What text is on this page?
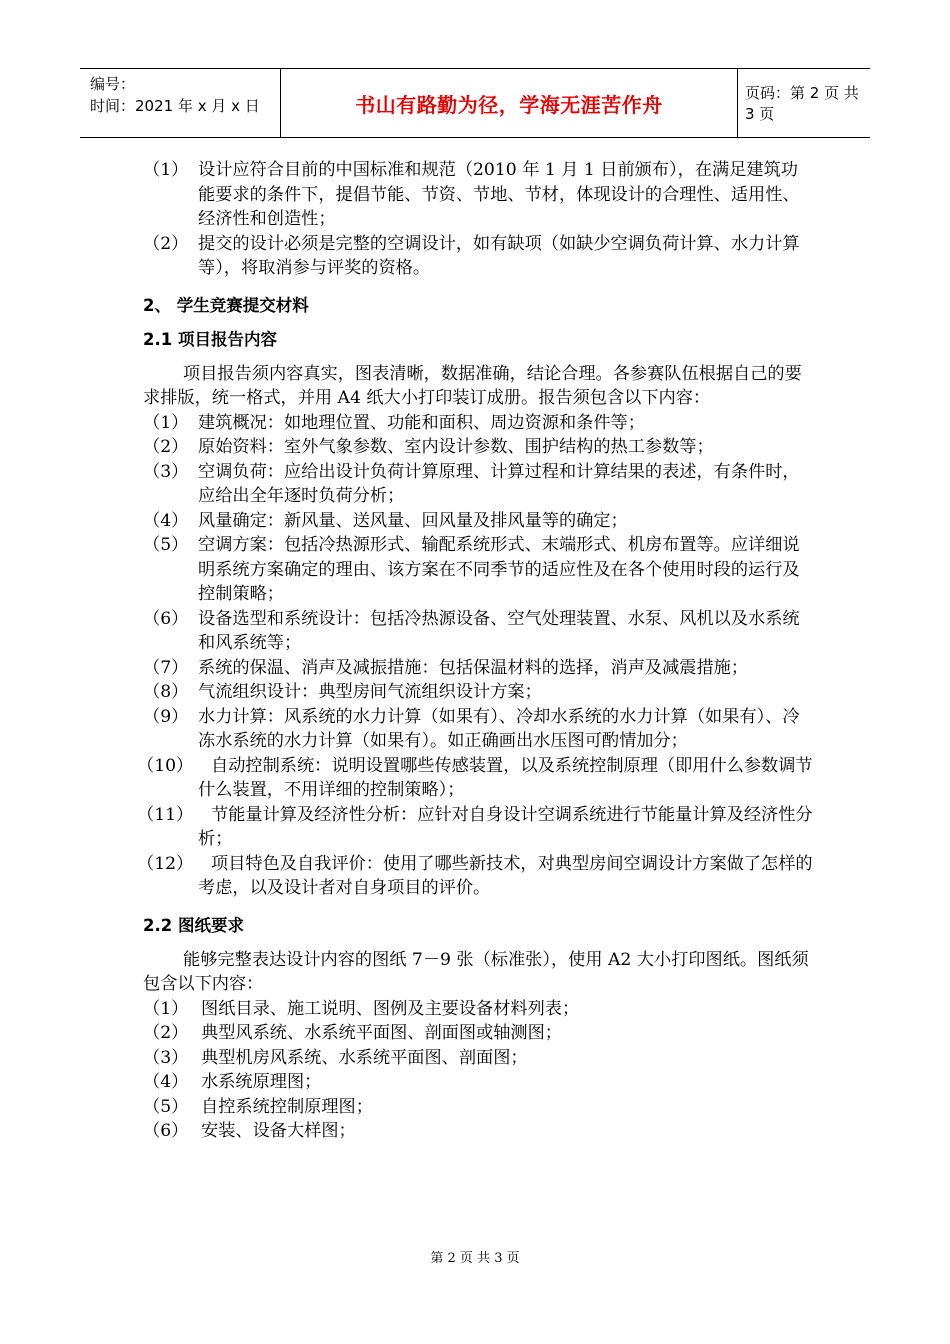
编号：
时间：2021 年 x 月 x 日	书山有路勤为径，学海无涯苦作舟	页码：第 2 页 共 3 页
（1） 设计应符合目前的中国标准和规范（2010 年 1 月 1 日前颁布），在满足建筑功能要求的条件下，提倡节能、节资、节地、节材，体现设计的合理性、适用性、经济性和创造性；
（2） 提交的设计必须是完整的空调设计，如有缺项（如缺少空调负荷计算、水力计算等），将取消参与评奖的资格。
2、 学生竞赛提交材料
2.1 项目报告内容
项目报告须内容真实，图表清晰，数据准确，结论合理。各参赛队伍根据自己的要求排版，统一格式，并用 A4 纸大小打印装订成册。报告须包含以下内容：
（1） 建筑概况：如地理位置、功能和面积、周边资源和条件等；
（2） 原始资料：室外气象参数、室内设计参数、围护结构的热工参数等；
（3） 空调负荷：应给出设计负荷计算原理、计算过程和计算结果的表述，有条件时，应给出全年逐时负荷分析；
（4） 风量确定：新风量、送风量、回风量及排风量等的确定；
（5） 空调方案：包括冷热源形式、输配系统形式、末端形式、机房布置等。应详细说明系统方案确定的理由、该方案在不同季节的适应性及在各个使用时段的运行及控制策略；
（6） 设备选型和系统设计：包括冷热源设备、空气处理装置、水泵、风机以及水系统和风系统等；
（7） 系统的保温、消声及减振措施：包括保温材料的选择，消声及减震措施；
（8） 气流组织设计：典型房间气流组织设计方案；
（9） 水力计算：风系统的水力计算（如果有）、冷却水系统的水力计算（如果有）、冷冻水系统的水力计算（如果有）。如正确画出水压图可酌情加分；
（10）	自动控制系统：说明设置哪些传感装置，以及系统控制原理（即用什么参数调节什么装置，不用详细的控制策略）；
（11）	节能量计算及经济性分析：应针对自身设计空调系统进行节能量计算及经济性分析；
（12）	项目特色及自我评价：使用了哪些新技术，对典型房间空调设计方案做了怎样的考虑，以及设计者对自身项目的评价。
2.2 图纸要求
能够完整表达设计内容的图纸 7－9 张（标准张），使用 A2 大小打印图纸。图纸须包含以下内容：
（1） 图纸目录、施工说明、图例及主要设备材料列表；
（2） 典型风系统、水系统平面图、剖面图或轴测图；
（3） 典型机房风系统、水系统平面图、剖面图；
（4） 水系统原理图；
（5） 自控系统控制原理图；
（6） 安装、设备大样图；
第 2 页 共 3 页
